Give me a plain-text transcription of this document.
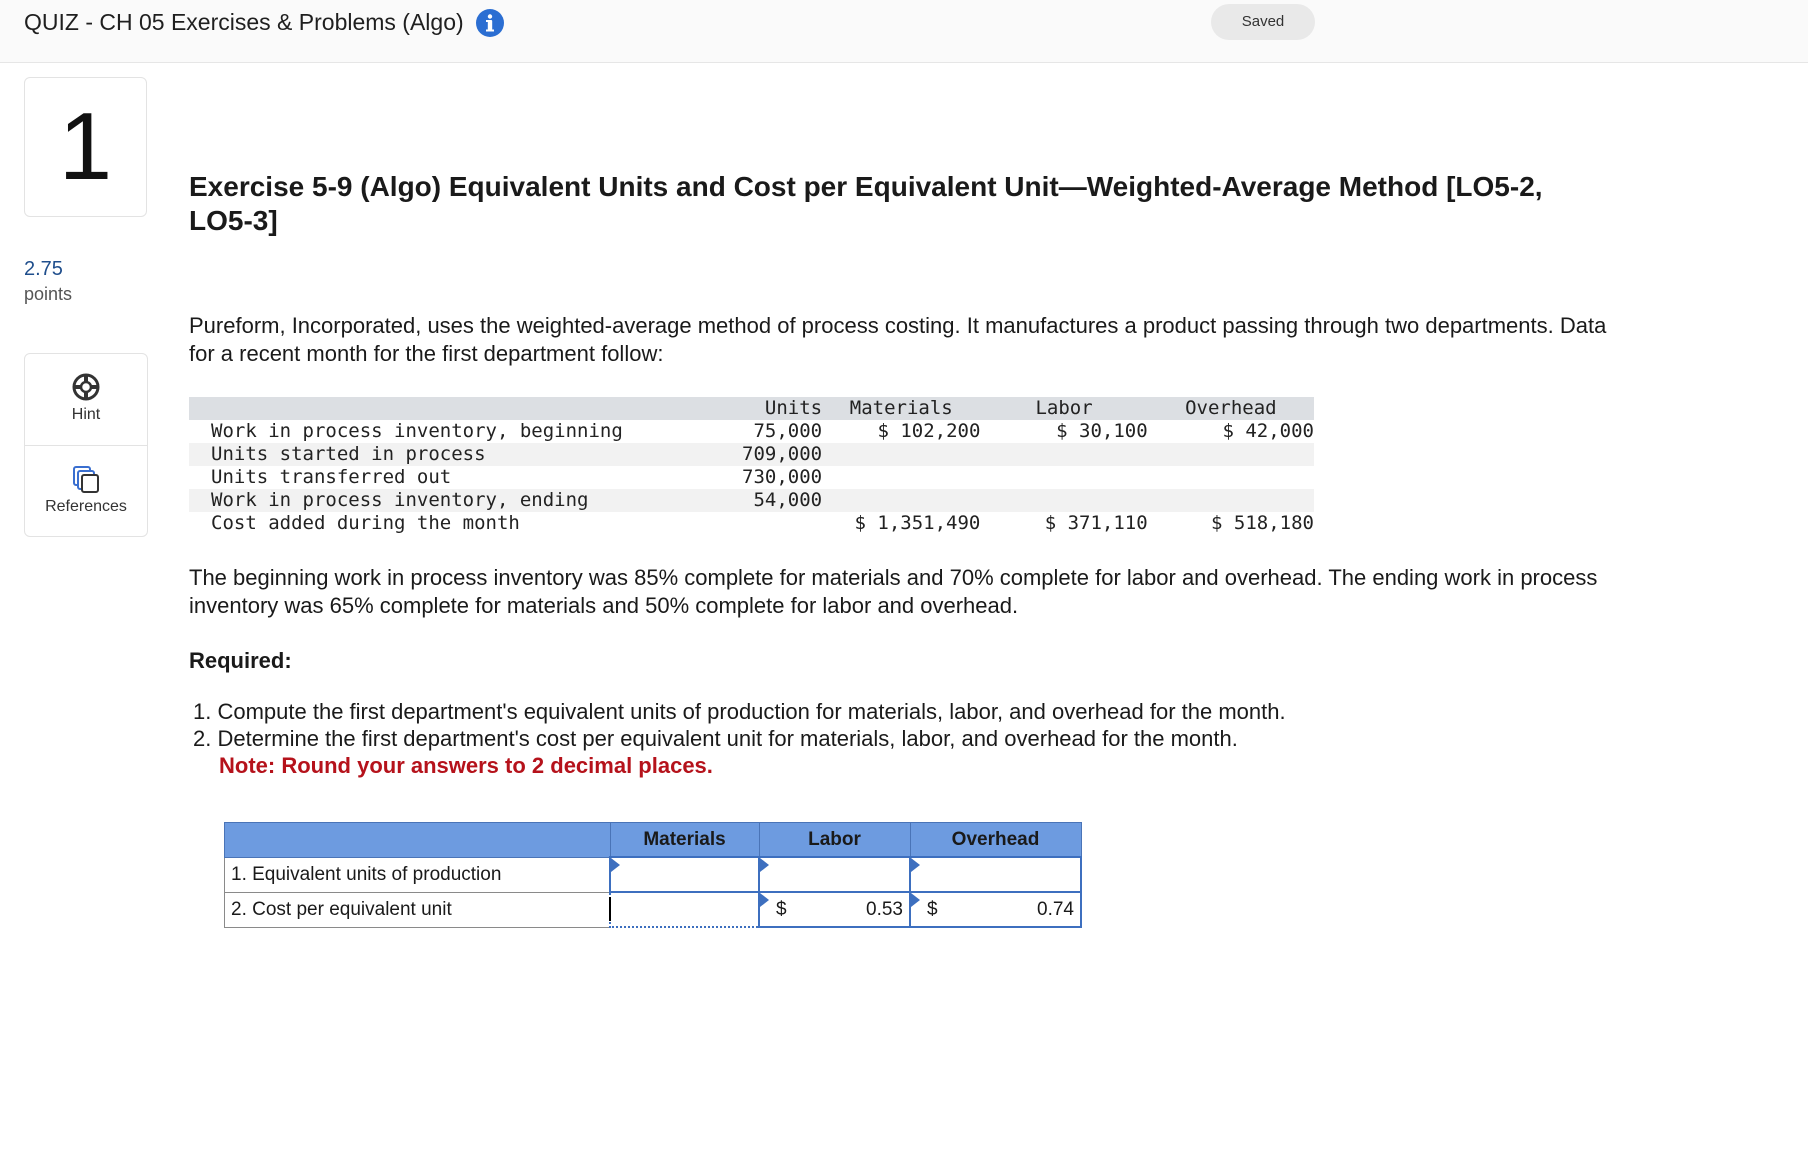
QUIZ - CH 05 Exercises & Problems (Algo)	Saved
1
2.75
points
Hint
References
Exercise 5-9 (Algo) Equivalent Units and Cost per Equivalent Unit—Weighted-Average Method [LO5-2, LO5-3]
Pureform, Incorporated, uses the weighted-average method of process costing. It manufactures a product passing through two departments. Data for a recent month for the first department follow:
	Units	Materials	Labor	Overhead
Work in process inventory, beginning	75,000	$ 102,200	$ 30,100	$ 42,000
Units started in process	709,000			
Units transferred out	730,000			
Work in process inventory, ending	54,000			
Cost added during the month		$ 1,351,490	$ 371,110	$ 518,180
The beginning work in process inventory was 85% complete for materials and 70% complete for labor and overhead. The ending work in process inventory was 65% complete for materials and 50% complete for labor and overhead.
Required:
1. Compute the first department's equivalent units of production for materials, labor, and overhead for the month.
2. Determine the first department's cost per equivalent unit for materials, labor, and overhead for the month.
Note: Round your answers to 2 decimal places.
	Materials	Labor	Overhead
1. Equivalent units of production	

2. Cost per equivalent unit		$ 0.53	$ 0.74
